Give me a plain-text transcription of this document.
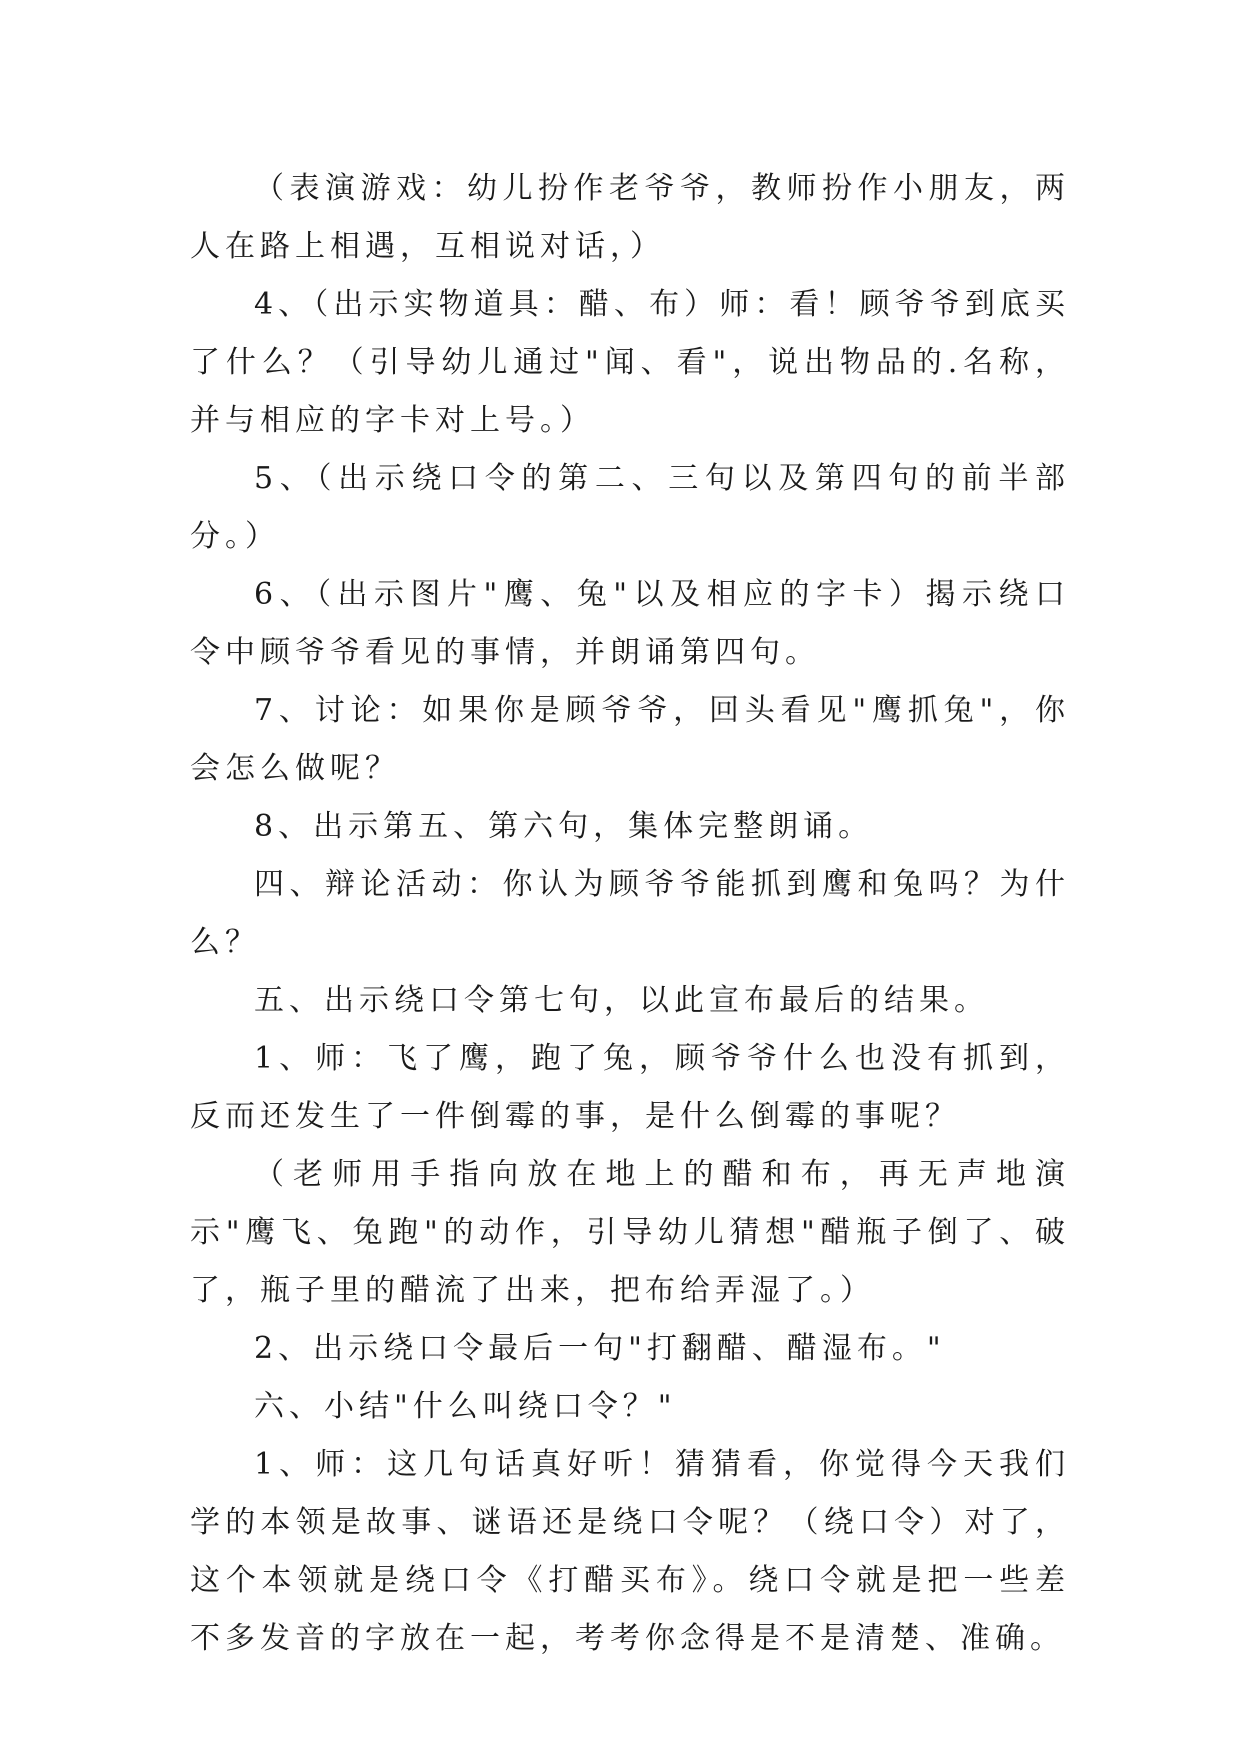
（表演游戏：幼儿扮作老爷爷，教师扮作小朋友，两人在路上相遇，互相说对话，）

4、（出示实物道具：醋、布）师：看！顾爷爷到底买了什么？（引导幼儿通过"闻、看"，说出物品的.名称，并与相应的字卡对上号。）

5、（出示绕口令的第二、三句以及第四句的前半部分。）

6、（出示图片"鹰、兔"以及相应的字卡）揭示绕口令中顾爷爷看见的事情，并朗诵第四句。

7、讨论：如果你是顾爷爷，回头看见"鹰抓兔"，你会怎么做呢？

8、出示第五、第六句，集体完整朗诵。

四、辩论活动：你认为顾爷爷能抓到鹰和兔吗？为什么？

五、出示绕口令第七句，以此宣布最后的结果。

1、师：飞了鹰，跑了兔，顾爷爷什么也没有抓到，反而还发生了一件倒霉的事，是什么倒霉的事呢？

（老师用手指向放在地上的醋和布，再无声地演示"鹰飞、兔跑"的动作，引导幼儿猜想"醋瓶子倒了、破了，瓶子里的醋流了出来，把布给弄湿了。）

2、出示绕口令最后一句"打翻醋、醋湿布。"

六、小结"什么叫绕口令？"

1、师：这几句话真好听！猜猜看，你觉得今天我们学的本领是故事、谜语还是绕口令呢？（绕口令）对了，这个本领就是绕口令《打醋买布》。绕口令就是把一些差不多发音的字放在一起，考考你念得是不是清楚、准确。
